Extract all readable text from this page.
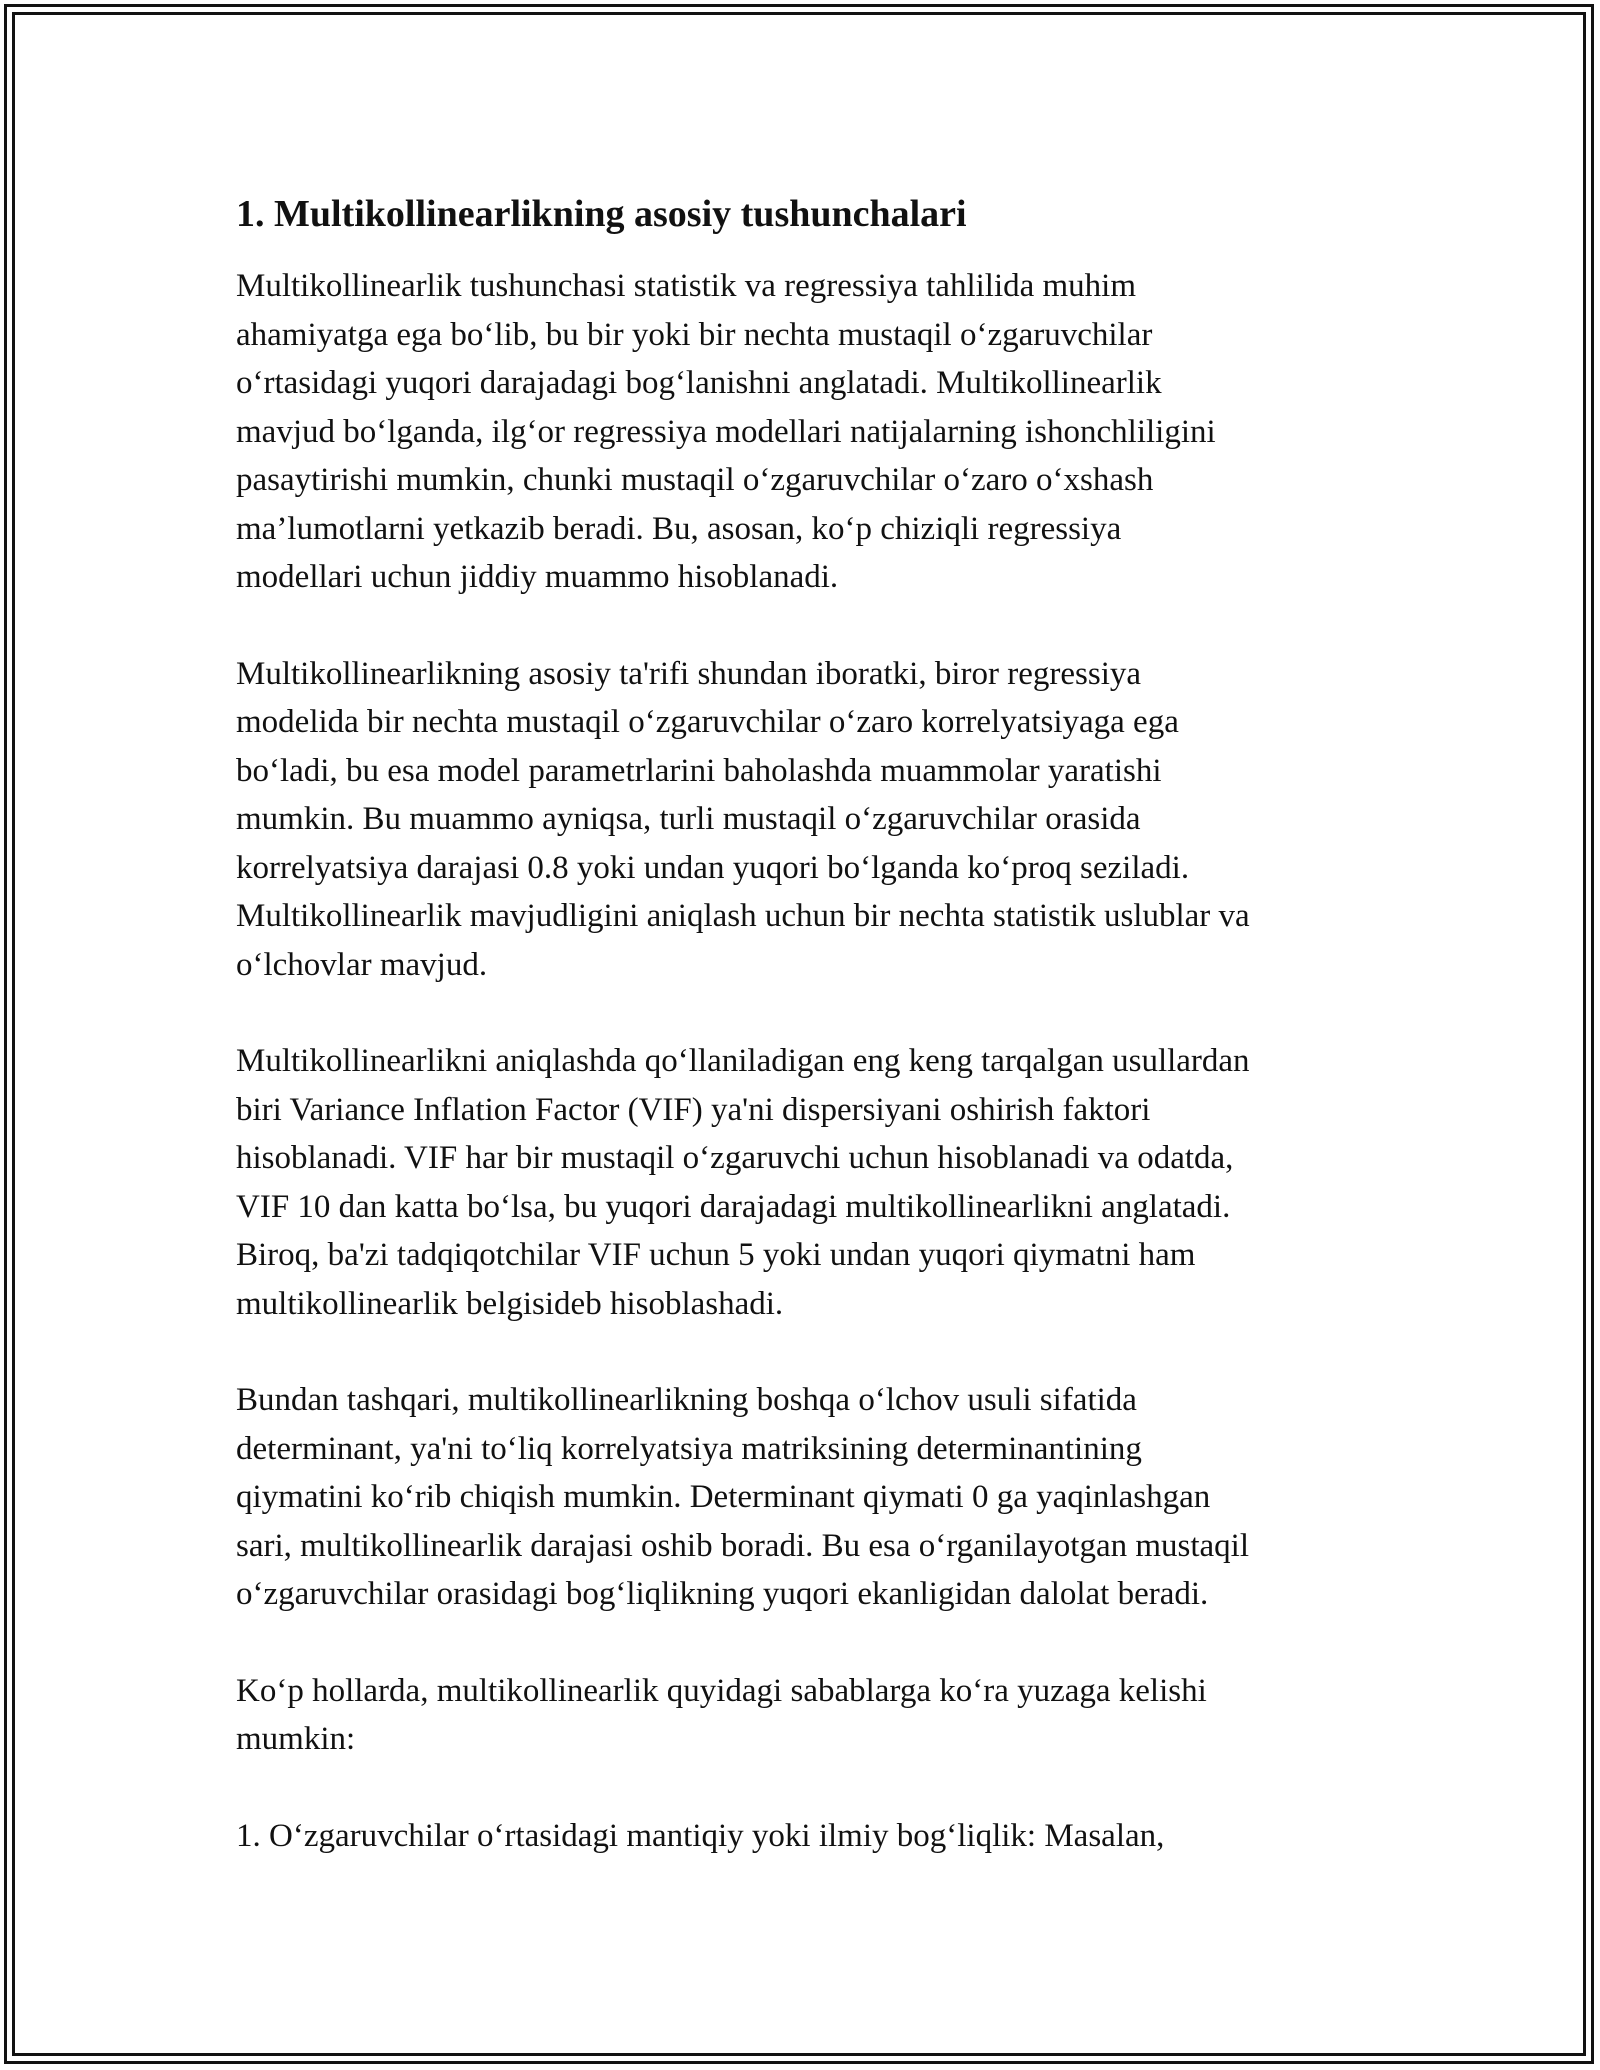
1. Multikollinearlikning asosiy tushunchalari

Multikollinearlik tushunchasi statistik va regressiya tahlilida muhim
ahamiyatga ega bo‘lib, bu bir yoki bir nechta mustaqil o‘zgaruvchilar
o‘rtasidagi yuqori darajadagi bog‘lanishni anglatadi. Multikollinearlik
mavjud bo‘lganda, ilg‘or regressiya modellari natijalarning ishonchliligini
pasaytirishi mumkin, chunki mustaqil o‘zgaruvchilar o‘zaro o‘xshash
ma’lumotlarni yetkazib beradi. Bu, asosan, ko‘p chiziqli regressiya
modellari uchun jiddiy muammo hisoblanadi.

Multikollinearlikning asosiy ta'rifi shundan iboratki, biror regressiya
modelida bir nechta mustaqil o‘zgaruvchilar o‘zaro korrelyatsiyaga ega
bo‘ladi, bu esa model parametrlarini baholashda muammolar yaratishi
mumkin. Bu muammo ayniqsa, turli mustaqil o‘zgaruvchilar orasida
korrelyatsiya darajasi 0.8 yoki undan yuqori bo‘lganda ko‘proq seziladi.
Multikollinearlik mavjudligini aniqlash uchun bir nechta statistik uslublar va
o‘lchovlar mavjud.

Multikollinearlikni aniqlashda qo‘llaniladigan eng keng tarqalgan usullardan
biri Variance Inflation Factor (VIF) ya'ni dispersiyani oshirish faktori
hisoblanadi. VIF har bir mustaqil o‘zgaruvchi uchun hisoblanadi va odatda,
VIF 10 dan katta bo‘lsa, bu yuqori darajadagi multikollinearlikni anglatadi.
Biroq, ba'zi tadqiqotchilar VIF uchun 5 yoki undan yuqori qiymatni ham
multikollinearlik belgisideb hisoblashadi.

Bundan tashqari, multikollinearlikning boshqa o‘lchov usuli sifatida
determinant, ya'ni to‘liq korrelyatsiya matriksining determinantining
qiymatini ko‘rib chiqish mumkin. Determinant qiymati 0 ga yaqinlashgan
sari, multikollinearlik darajasi oshib boradi. Bu esa o‘rganilayotgan mustaqil
o‘zgaruvchilar orasidagi bog‘liqlikning yuqori ekanligidan dalolat beradi.

Ko‘p hollarda, multikollinearlik quyidagi sabablarga ko‘ra yuzaga kelishi
mumkin:

1. O‘zgaruvchilar o‘rtasidagi mantiqiy yoki ilmiy bog‘liqlik: Masalan,
